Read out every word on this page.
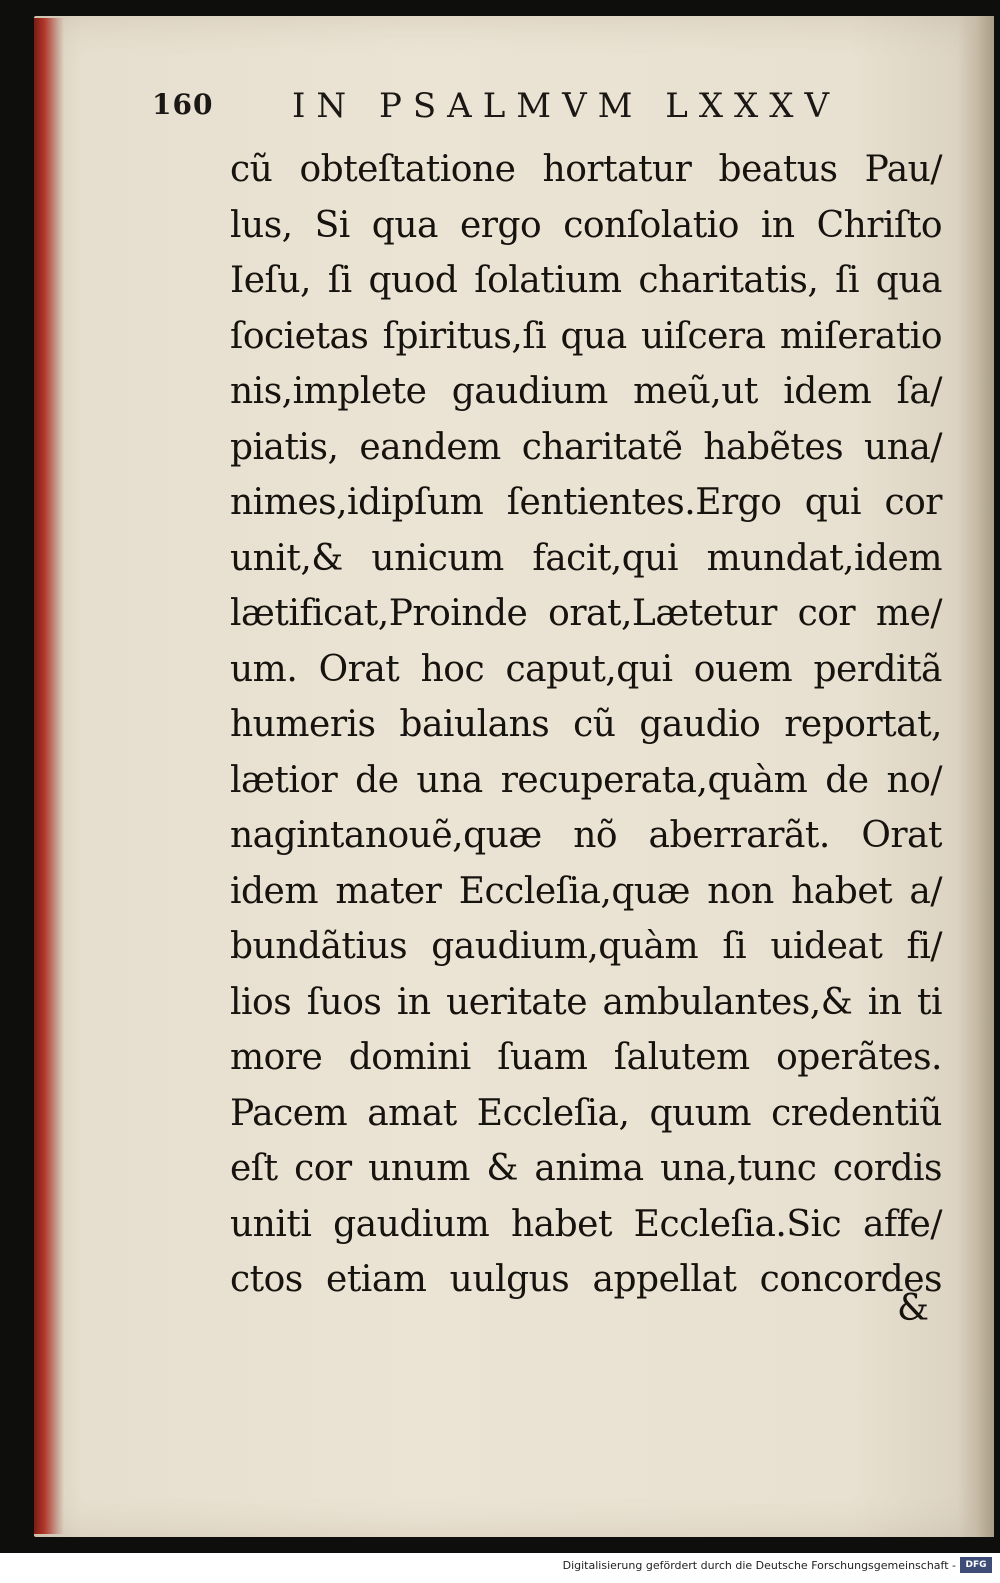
160 IN PSALMVM LXXXV
cũ obteſtatione hortatur beatus Pau/
lus, Si qua ergo conſolatio in Chriſto
Ieſu, ſi quod ſolatium charitatis, ſi qua
ſocietas ſpiritus,ſi qua uiſcera miſeratio
nis,implete gaudium meũ,ut idem ſa/
piatis, eandem charitatẽ habẽtes una/
nimes,idipſum ſentientes.Ergo qui cor
unit,& unicum facit,qui mundat,idem
lætificat,Proinde orat,Lætetur cor me/
um. Orat hoc caput,qui ouem perditã
humeris baiulans cũ gaudio reportat,
lætior de una recuperata,quàm de no/
nagintanouẽ,quæ nõ aberrarãt. Orat
idem mater Eccleſia,quæ non habet a/
bundãtius gaudium,quàm ſi uideat fi/
lios ſuos in ueritate ambulantes,& in ti
more domini ſuam ſalutem operãtes.
Pacem amat Eccleſia, quum credentiũ
eſt cor unum & anima una,tunc cordis
uniti gaudium habet Eccleſia.Sic affe/
ctos etiam uulgus appellat concordes
&
Digitalisierung gefördert durch die Deutsche Forschungsgemeinschaft -	DFG
